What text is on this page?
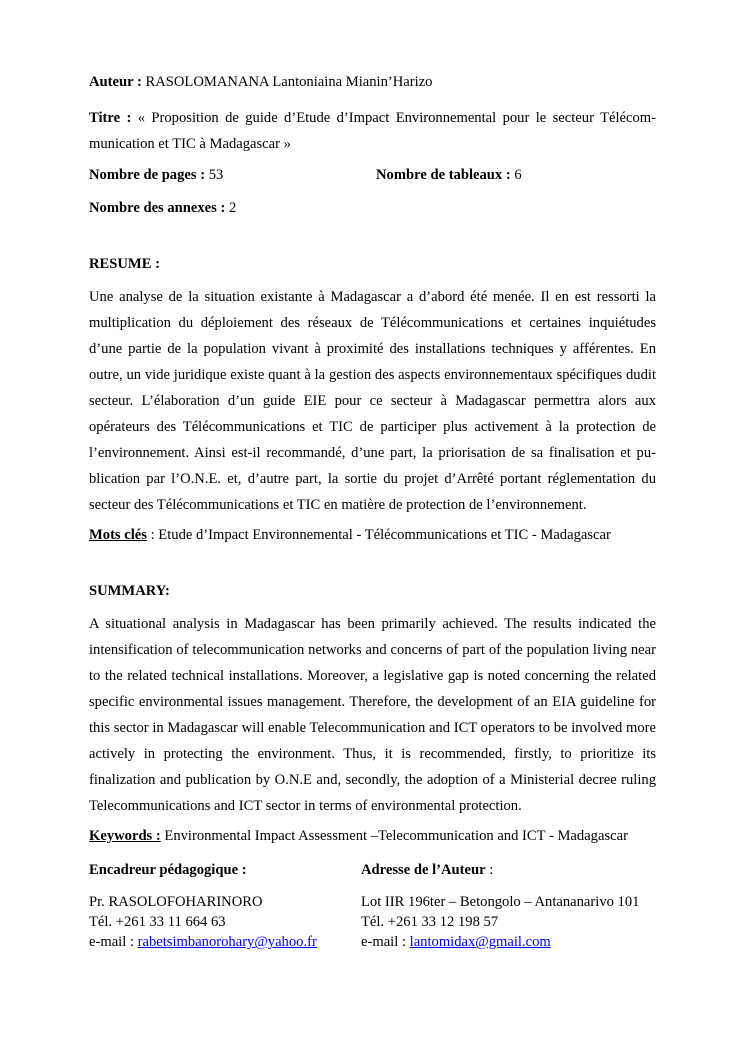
Auteur : RASOLOMANANA Lantoniaina Mianin’Harizo

Titre : « Proposition de guide d’Etude d’Impact Environnemental pour le secteur Télécom-
munication et TIC à Madagascar »
Nombre de pages : 53	Nombre de tableaux : 6

Nombre des annexes : 2

RESUME :

Une analyse de la situation existante à Madagascar a d’abord été menée. Il en est ressorti la multiplication du déploiement des réseaux de Télécommunications et certaines inquiétudes d’une partie de la population vivant à proximité des installations techniques y afférentes. En outre, un vide juridique existe quant à la gestion des aspects environnementaux spécifiques dudit secteur. L’élaboration d’un guide EIE pour ce secteur à Madagascar permettra alors aux opérateurs des Télécommunications et TIC de participer plus activement à la protection de l’environnement. Ainsi est-il recommandé, d’une part, la priorisation de sa finalisation et publication par l’O.N.E. et, d’autre part, la sortie du projet d’Arrêté portant réglementation du secteur des Télécommunications et TIC en matière de protection de l’environnement.

Mots clés : Etude d’Impact Environnemental - Télécommunications et TIC - Madagascar

SUMMARY:

A situational analysis in Madagascar has been primarily achieved. The results indicated the intensification of telecommunication networks and concerns of part of the population living near to the related technical installations. Moreover, a legislative gap is noted concerning the related specific environmental issues management. Therefore, the development of an EIA guideline for this sector in Madagascar will enable Telecommunication and ICT operators to be involved more actively in protecting the environment. Thus, it is recommended, firstly, to prioritize its finalization and publication by O.N.E and, secondly, the adoption of a Ministerial decree ruling Telecommunications and ICT sector in terms of environmental protection.

Keywords : Environmental Impact Assessment –Telecommunication and ICT - Madagascar

Encadreur pédagogique :	Adresse de l’Auteur :
Pr. RASOLOFOHARINORO
Tél. +261 33 11 664 63
e-mail : rabetsimbanorohary@yahoo.fr
Lot IIR 196ter – Betongolo – Antananarivo 101
Tél. +261 33 12 198 57
e-mail : lantomidax@gmail.com
